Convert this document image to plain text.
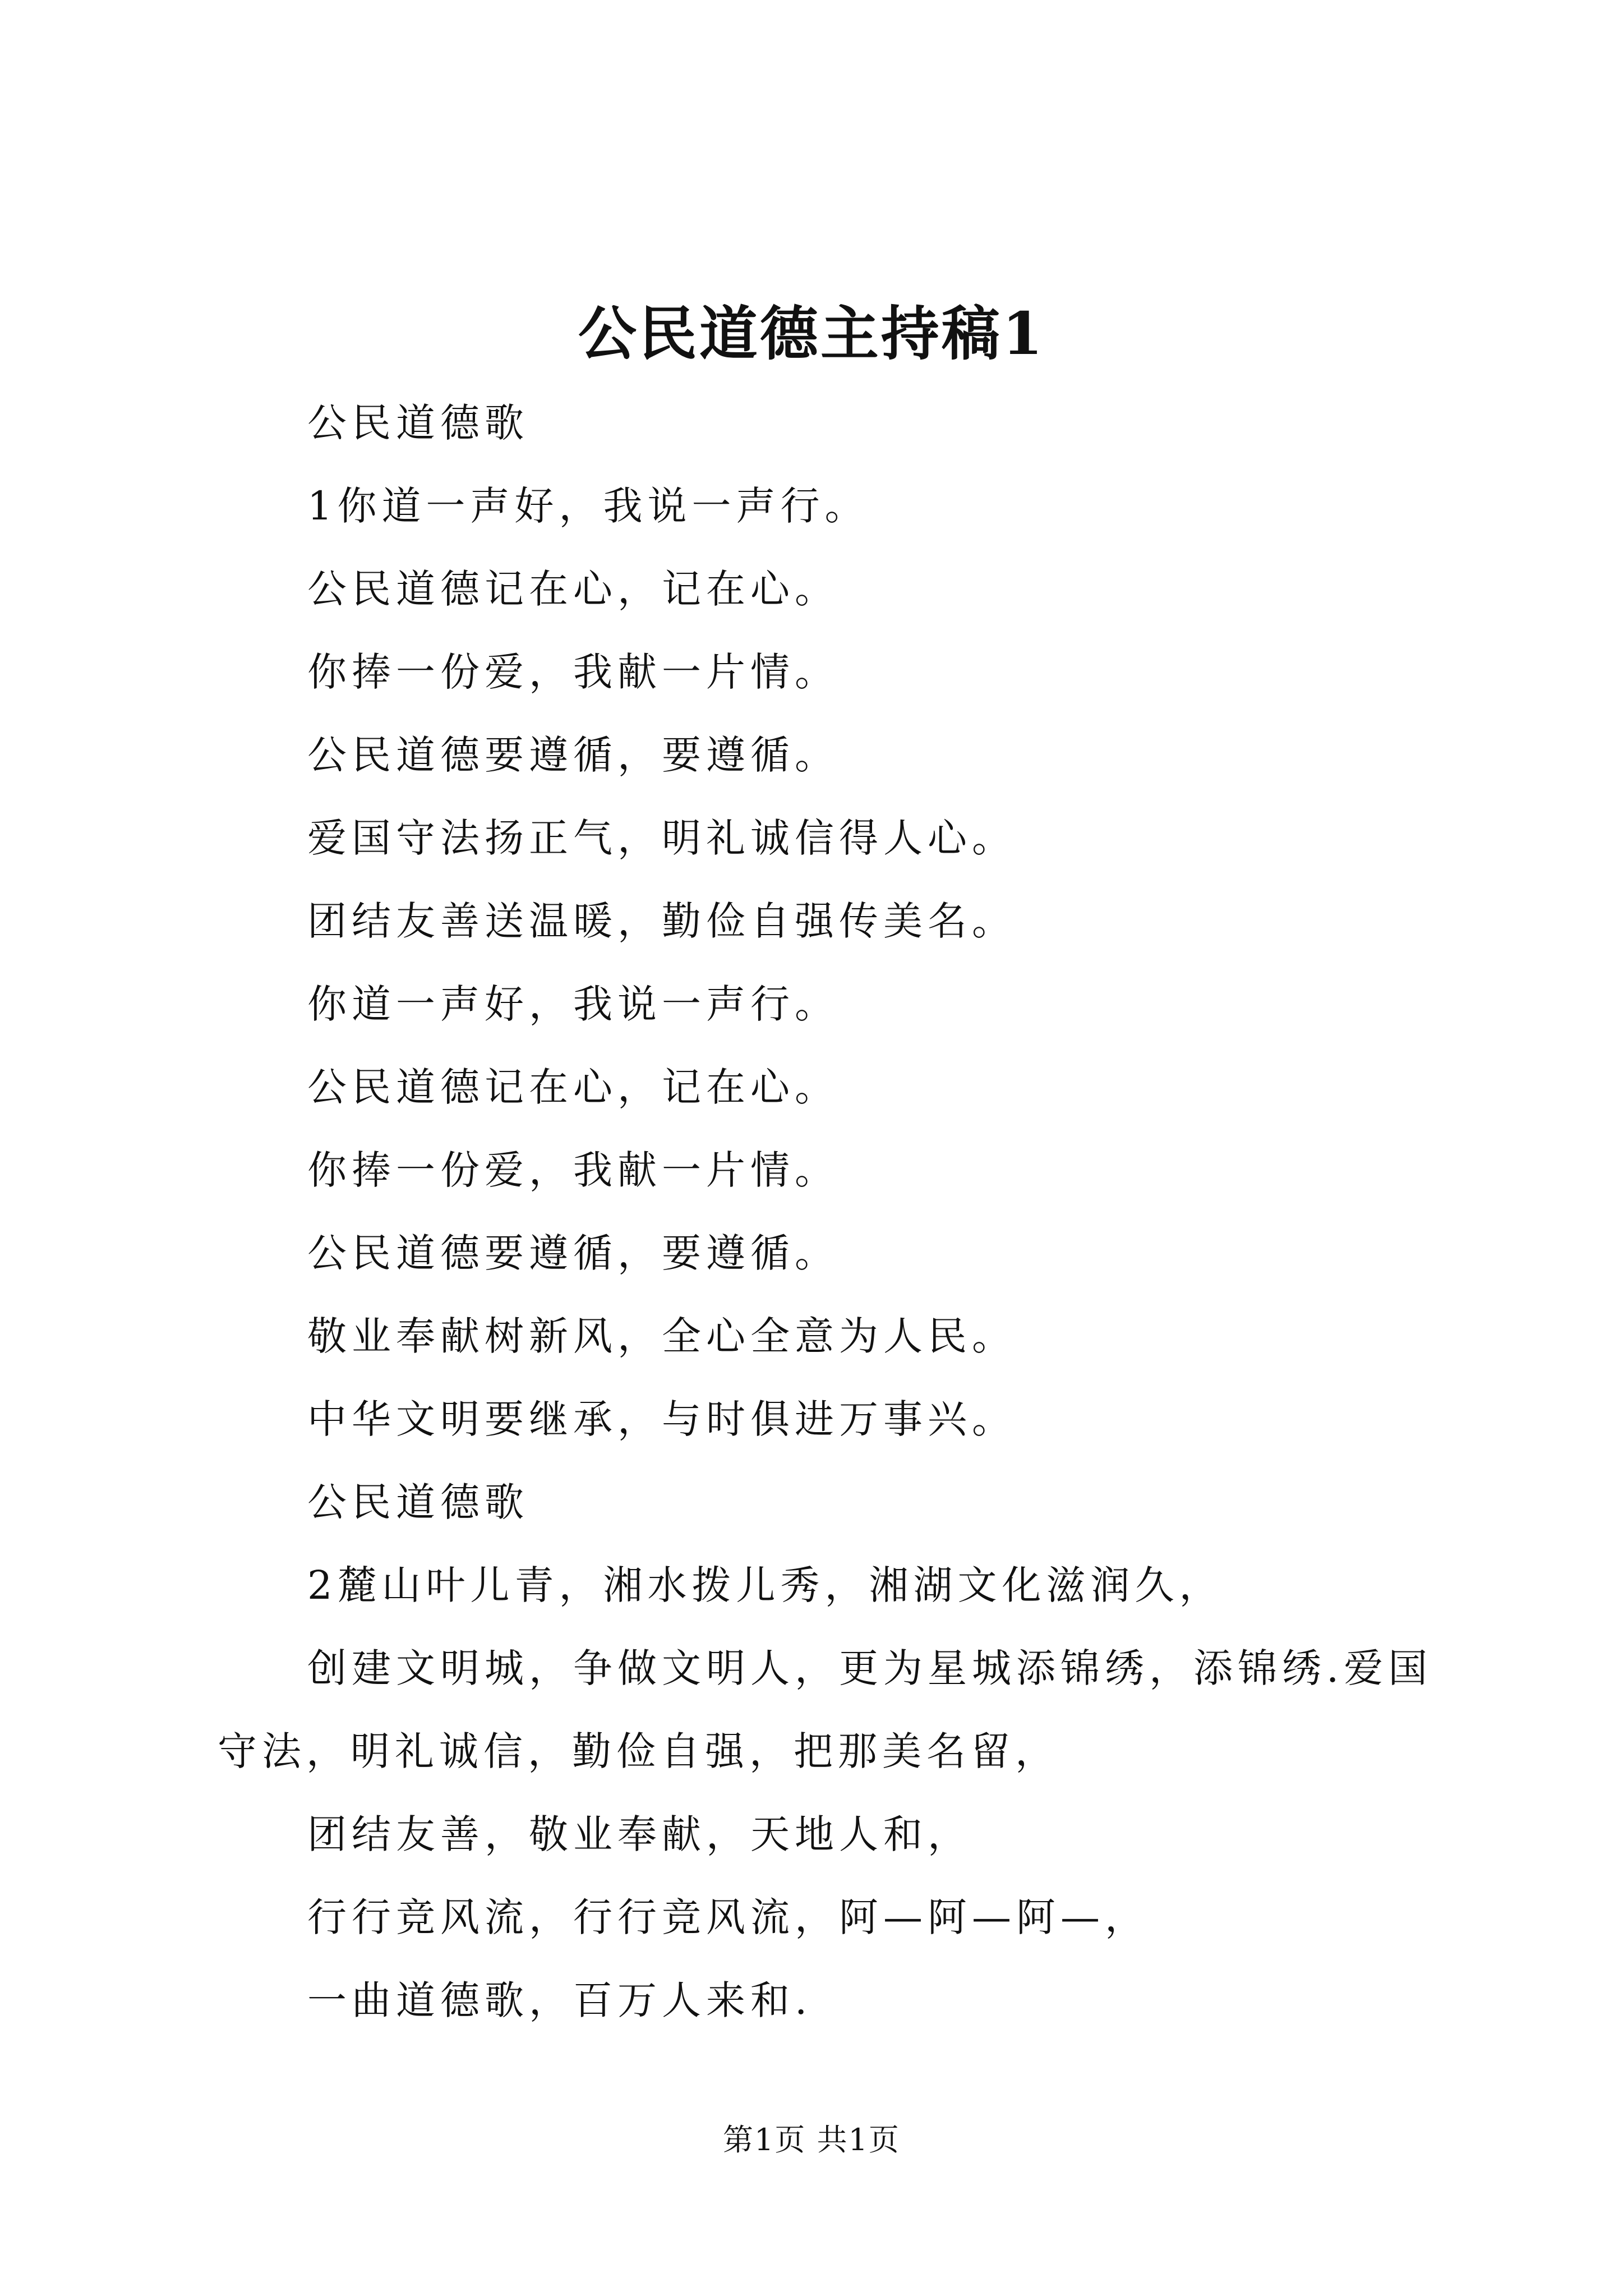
公民道德主持稿1

公民道德歌

1你道一声好，我说一声行。

公民道德记在心，记在心。

你捧一份爱，我献一片情。

公民道德要遵循，要遵循。

爱国守法扬正气，明礼诚信得人心。

团结友善送温暖，勤俭自强传美名。

你道一声好，我说一声行。

公民道德记在心，记在心。

你捧一份爱，我献一片情。

公民道德要遵循，要遵循。

敬业奉献树新风，全心全意为人民。

中华文明要继承，与时俱进万事兴。

公民道德歌

2麓山叶儿青，湘水拨儿秀，湘湖文化滋润久，

创建文明城，争做文明人，更为星城添锦绣，添锦绣.爱国守法，明礼诚信，勤俭自强，把那美名留，

团结友善，敬业奉献，天地人和，

行行竞风流，行行竞风流，阿—阿—阿—，

一曲道德歌，百万人来和.

第1页 共1页
